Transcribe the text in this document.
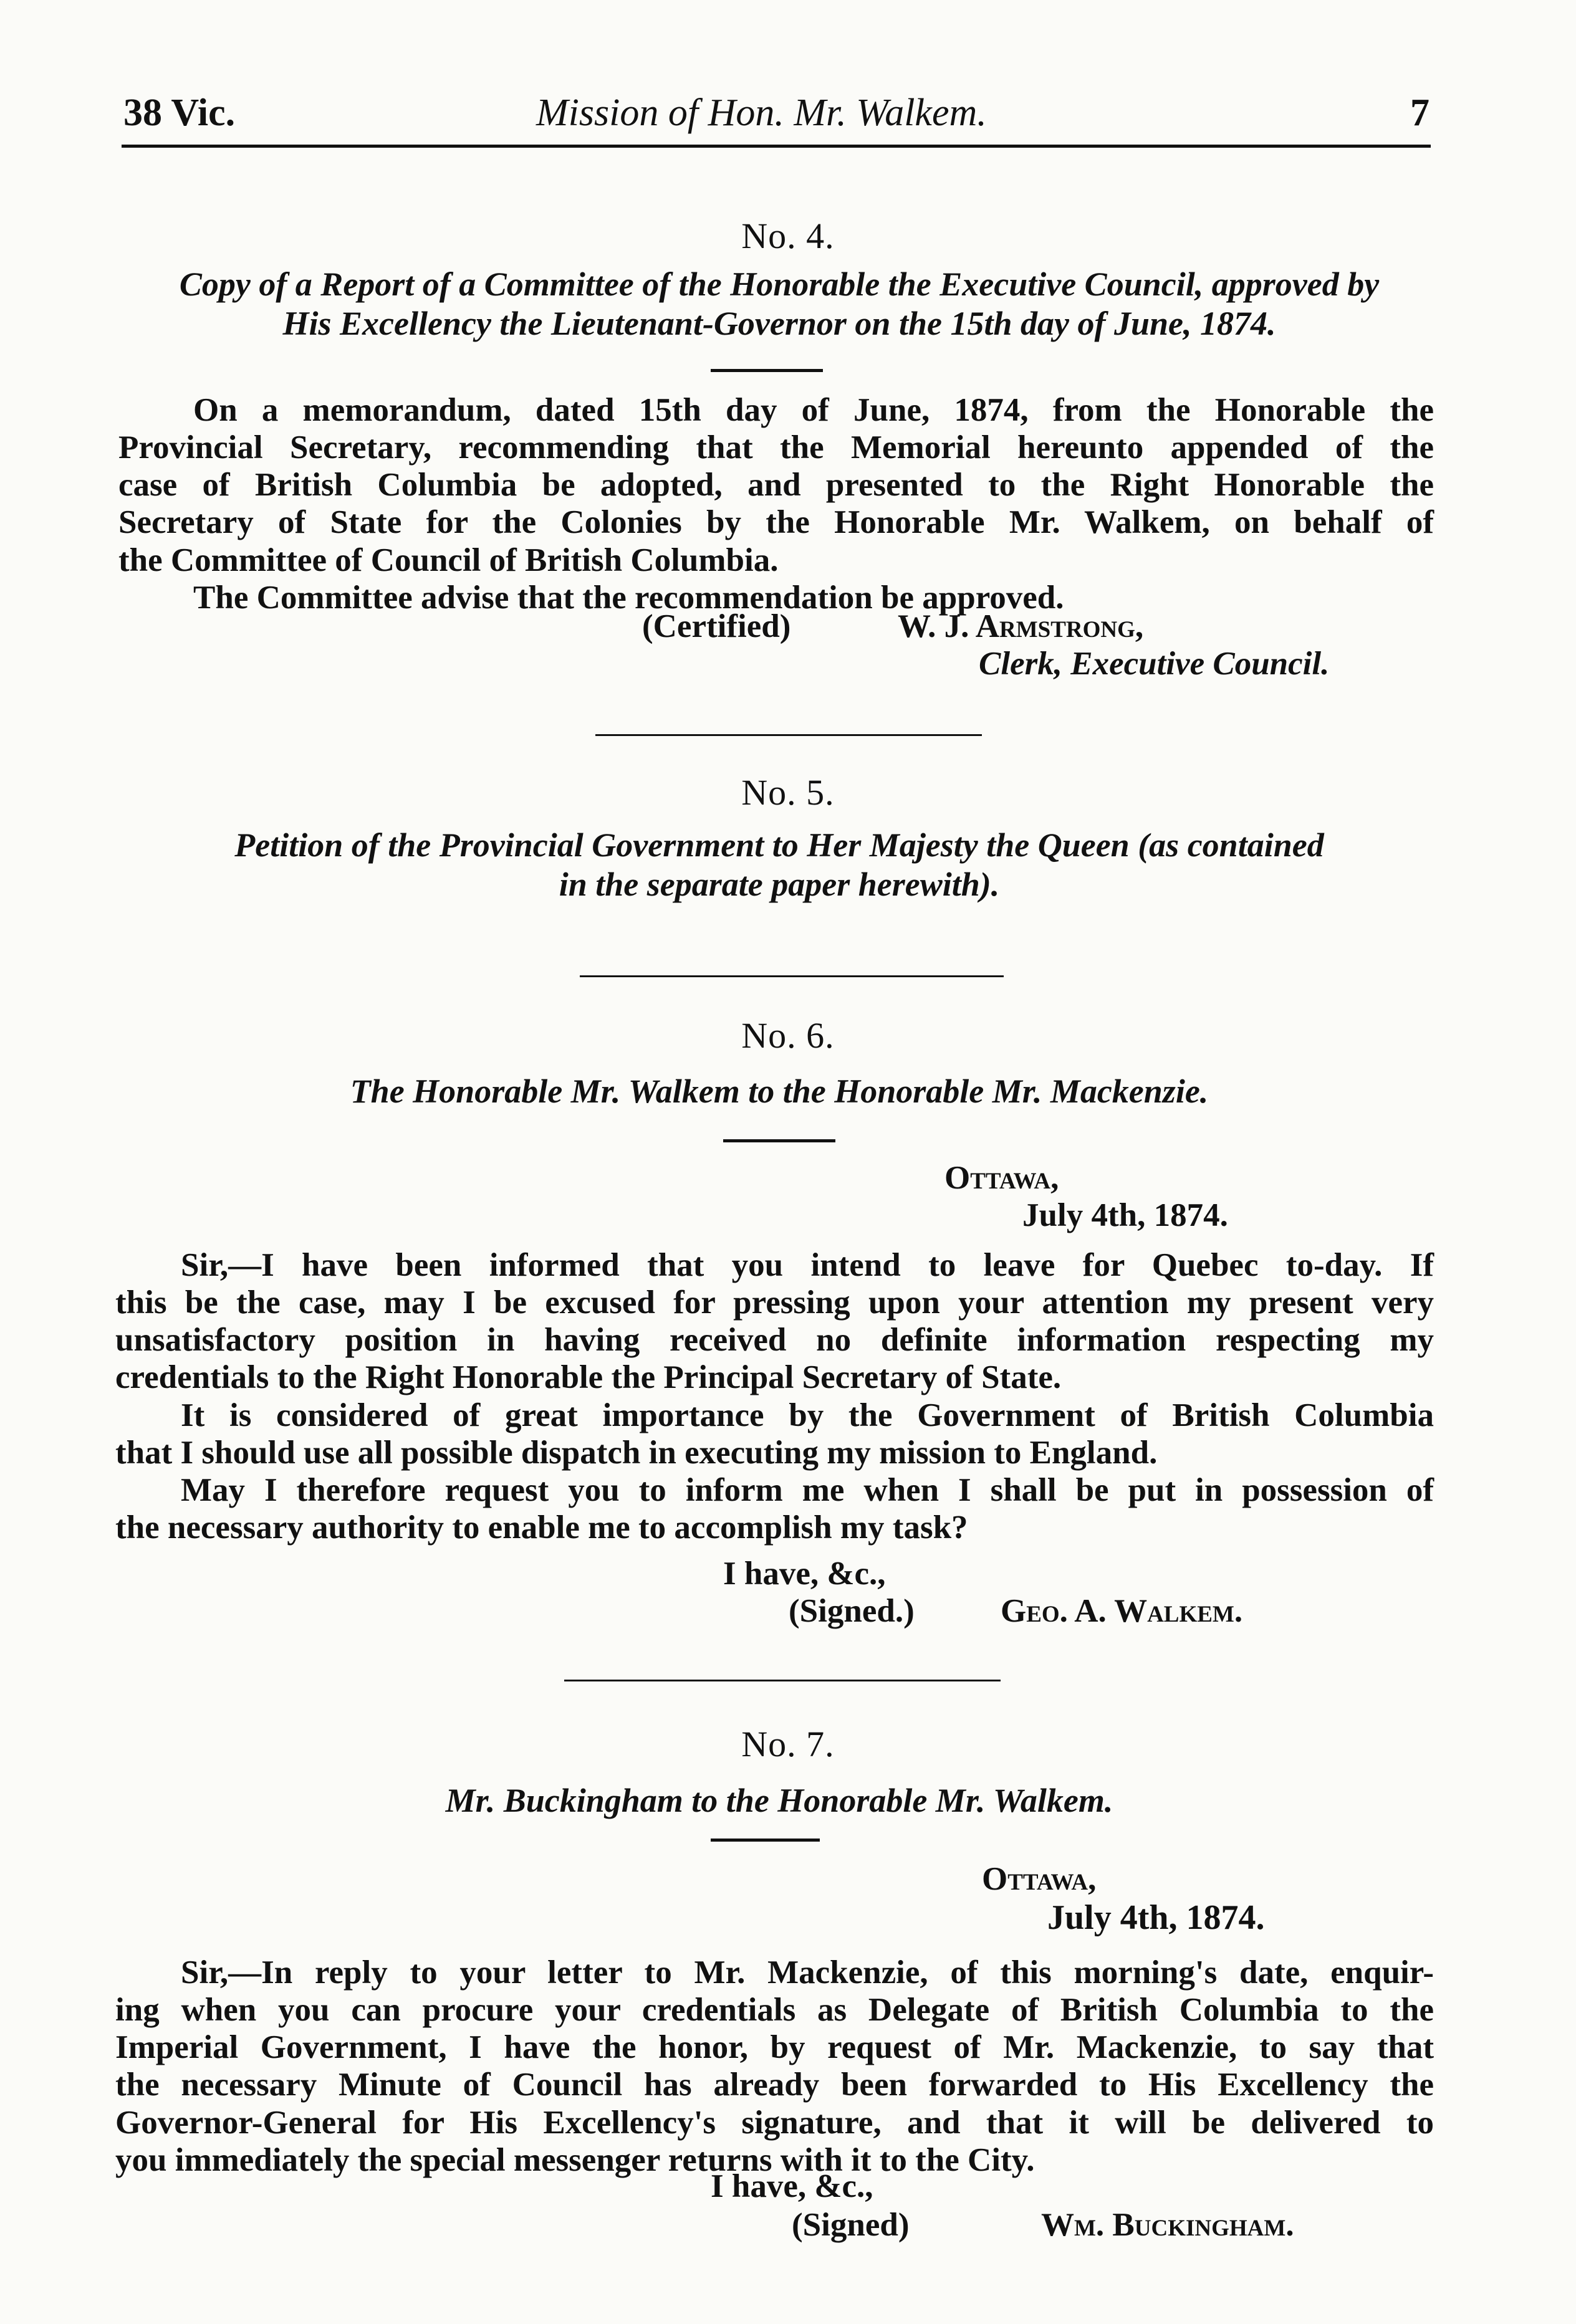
38 Vic.	Mission of Hon. Mr. Walkem.	7
No. 4.
Copy of a Report of a Committee of the Honorable the Executive Council, approved by
His Excellency the Lieutenant-Governor on the 15th day of June, 1874.
On a memorandum, dated 15th day of June, 1874, from the Honorable the
Provincial Secretary, recommending that the Memorial hereunto appended of the
case of British Columbia be adopted, and presented to the Right Honorable the
Secretary of State for the Colonies by the Honorable Mr. Walkem, on behalf of
the Committee of Council of British Columbia.
The Committee advise that the recommendation be approved.
(Certified)	W. J. Armstrong,
Clerk, Executive Council.
No. 5.
Petition of the Provincial Government to Her Majesty the Queen (as contained
in the separate paper herewith).
No. 6.
The Honorable Mr. Walkem to the Honorable Mr. Mackenzie.
Ottawa,
July 4th, 1874.
Sir,—I have been informed that you intend to leave for Quebec to-day. If
this be the case, may I be excused for pressing upon your attention my present very
unsatisfactory position in having received no definite information respecting my
credentials to the Right Honorable the Principal Secretary of State.
It is considered of great importance by the Government of British Columbia
that I should use all possible dispatch in executing my mission to England.
May I therefore request you to inform me when I shall be put in possession of
the necessary authority to enable me to accomplish my task?
I have, &c.,
(Signed.)	Geo. A. Walkem.
No. 7.
Mr. Buckingham to the Honorable Mr. Walkem.
Ottawa,
July 4th, 1874.
Sir,—In reply to your letter to Mr. Mackenzie, of this morning's date, enquir-
ing when you can procure your credentials as Delegate of British Columbia to the
Imperial Government, I have the honor, by request of Mr. Mackenzie, to say that
the necessary Minute of Council has already been forwarded to His Excellency the
Governor-General for His Excellency's signature, and that it will be delivered to
you immediately the special messenger returns with it to the City.
I have, &c.,
(Signed)	Wm. Buckingham.
